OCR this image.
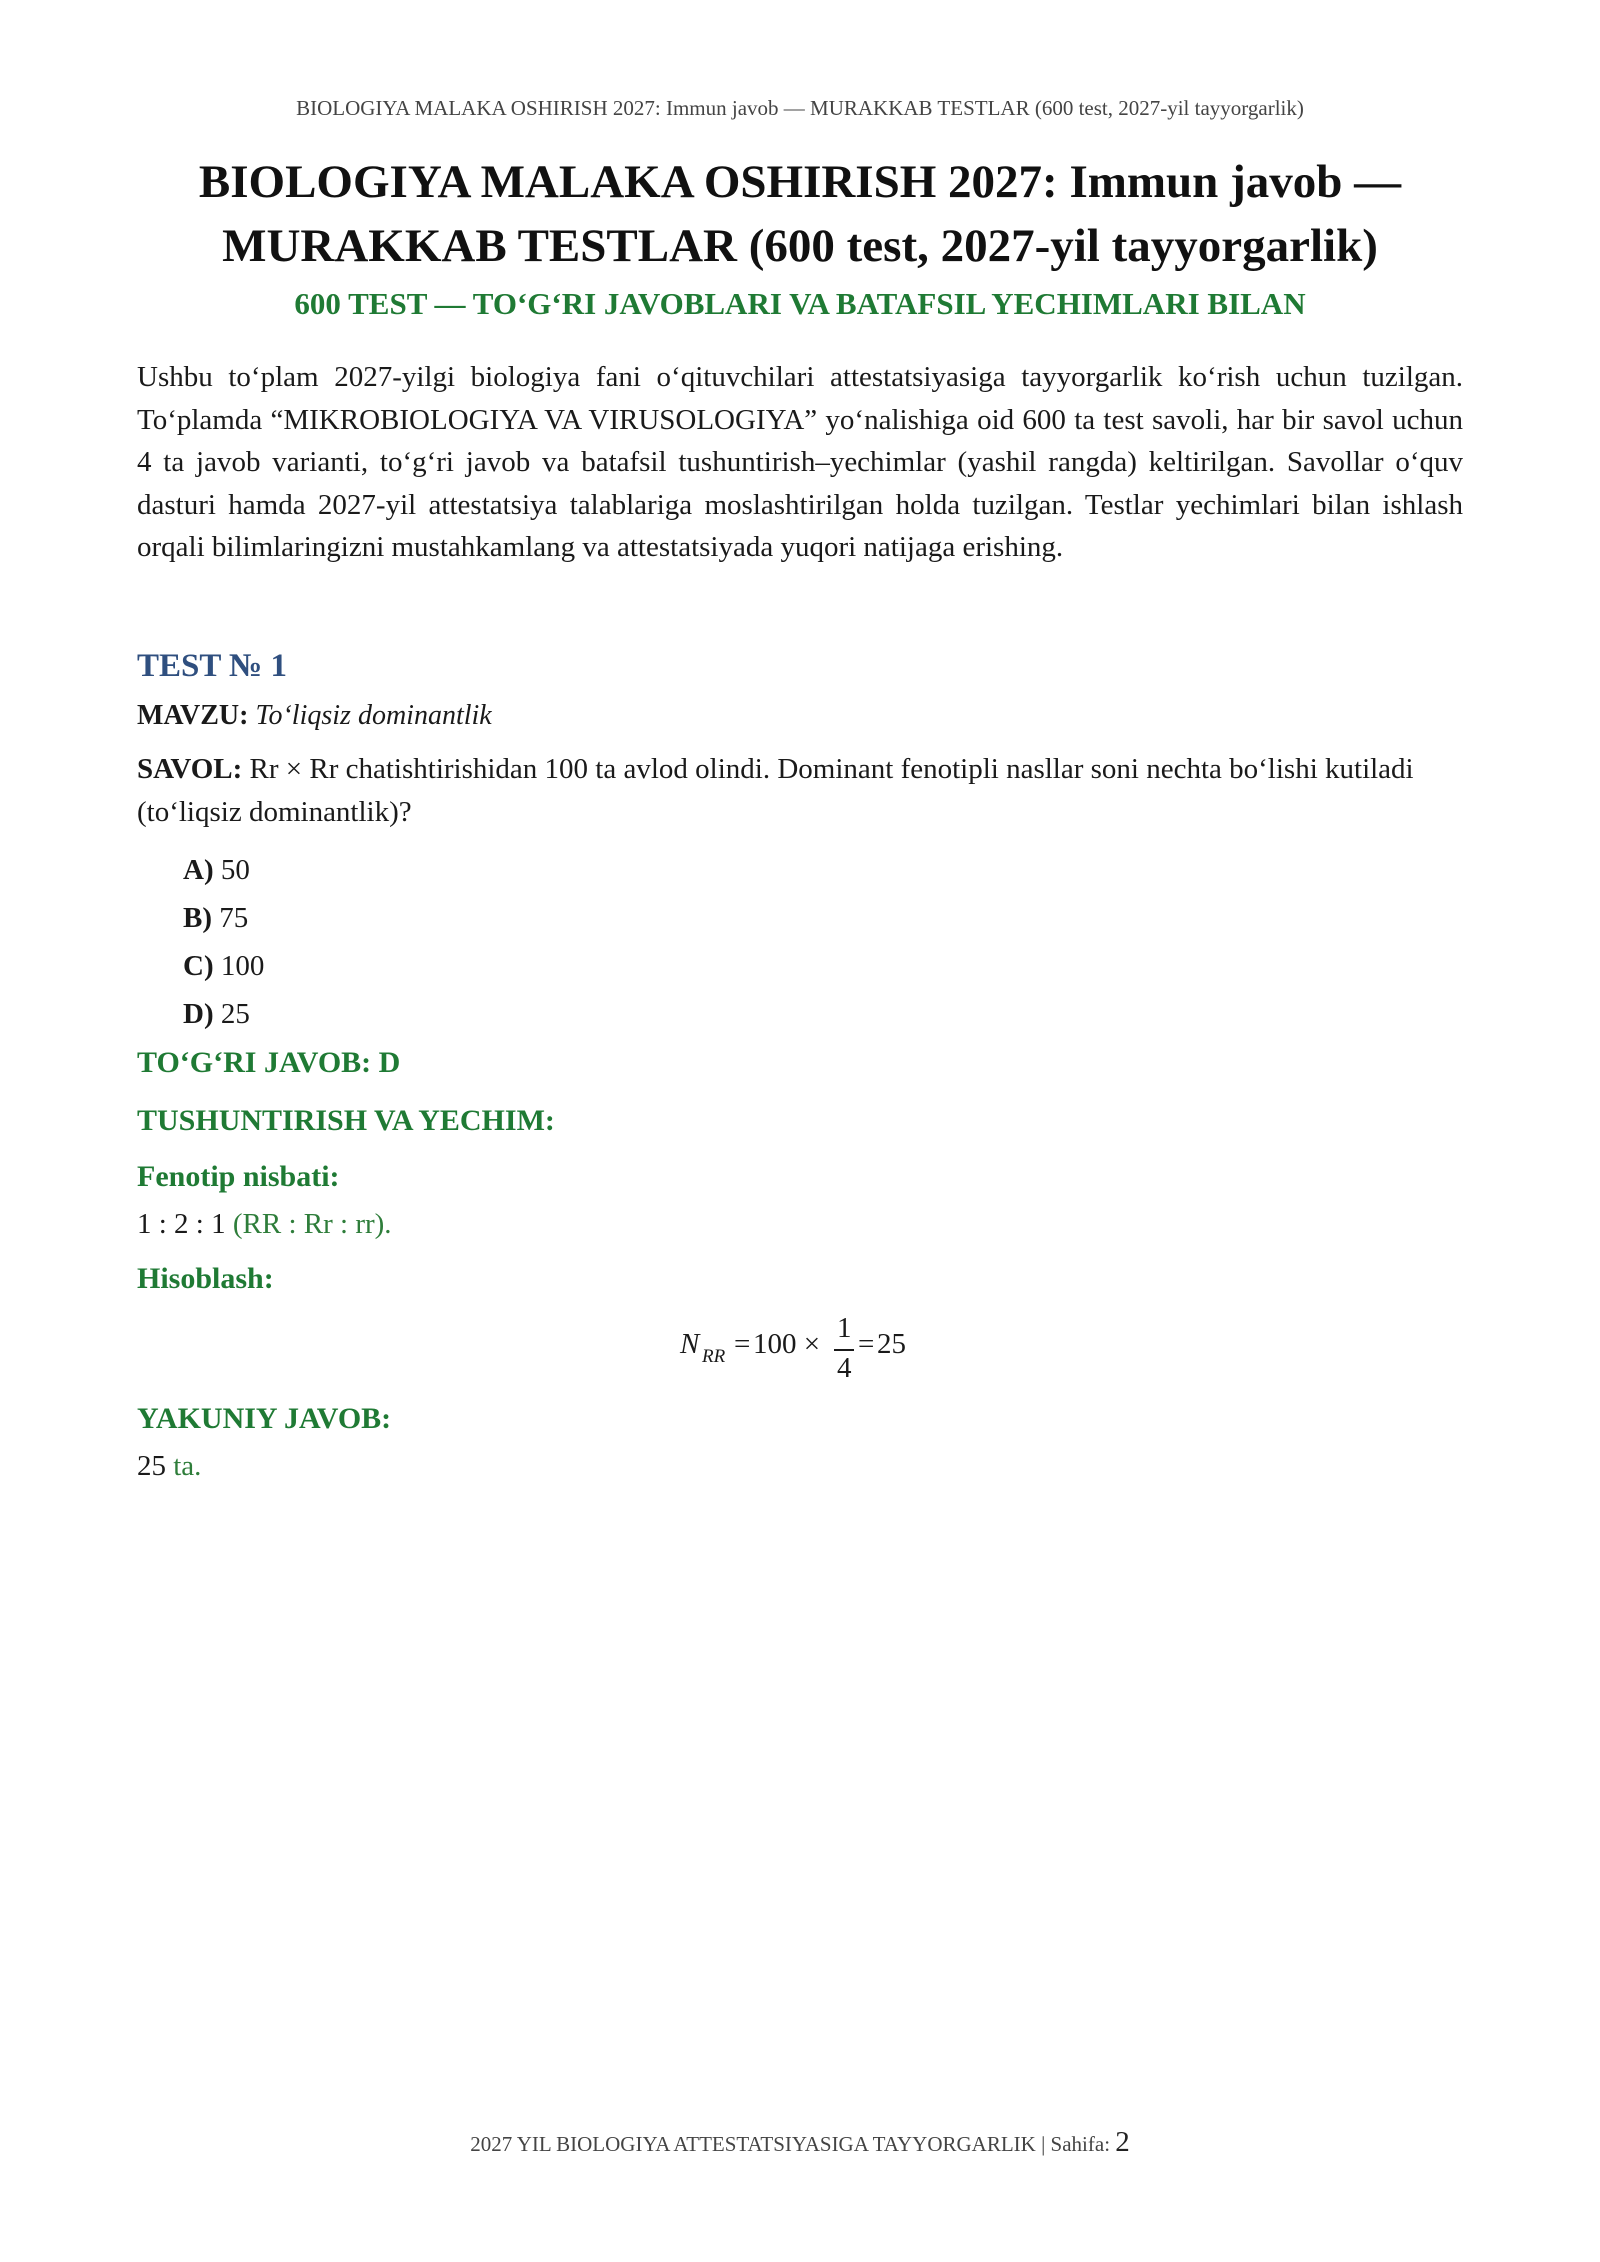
BIOLOGIYA MALAKA OSHIRISH 2027: Immun javob — MURAKKAB TESTLAR (600 test, 2027-yil tayyorgarlik)
BIOLOGIYA MALAKA OSHIRISH 2027: Immun javob —
MURAKKAB TESTLAR (600 test, 2027-yil tayyorgarlik)
600 TEST — TO‘G‘RI JAVOBLARI VA BATAFSIL YECHIMLARI BILAN

Ushbu to‘plam 2027-yilgi biologiya fani o‘qituvchilari attestatsiyasiga tayyorgarlik ko‘rish uchun tuzilgan. To‘plamda “MIKROBIOLOGIYA VA VIRUSOLOGIYA” yo‘nalishiga oid 600 ta test savoli, har bir savol uchun 4 ta javob varianti, to‘g‘ri javob va batafsil tushuntirish–yechimlar (yashil rangda) keltirilgan. Savollar o‘quv dasturi hamda 2027-yil attestatsiya talablariga moslashtirilgan holda tuzilgan. Testlar yechimlari bilan ishlash orqali bilimlaringizni mustahkamlang va attestatsiyada yuqori natijaga erishing.

TEST № 1
MAVZU: To‘liqsiz dominantlik

SAVOL: Rr × Rr chatishtirishidan 100 ta avlod olindi. Dominant fenotipli nasllar soni nechta bo‘lishi kutiladi (to‘liqsiz dominantlik)?

A) 50
B) 75
C) 100
D) 25
TO‘G‘RI JAVOB: D
TUSHUNTIRISH VA YECHIM:
Fenotip nisbati:
1 : 2 : 1 (RR : Rr : rr).
Hisoblash:
N RR = 100 × 1
4
= 25
YAKUNIY JAVOB:
25 ta.
2027 YIL BIOLOGIYA ATTESTATSIYASIGA TAYYORGARLIK | Sahifa: 2
